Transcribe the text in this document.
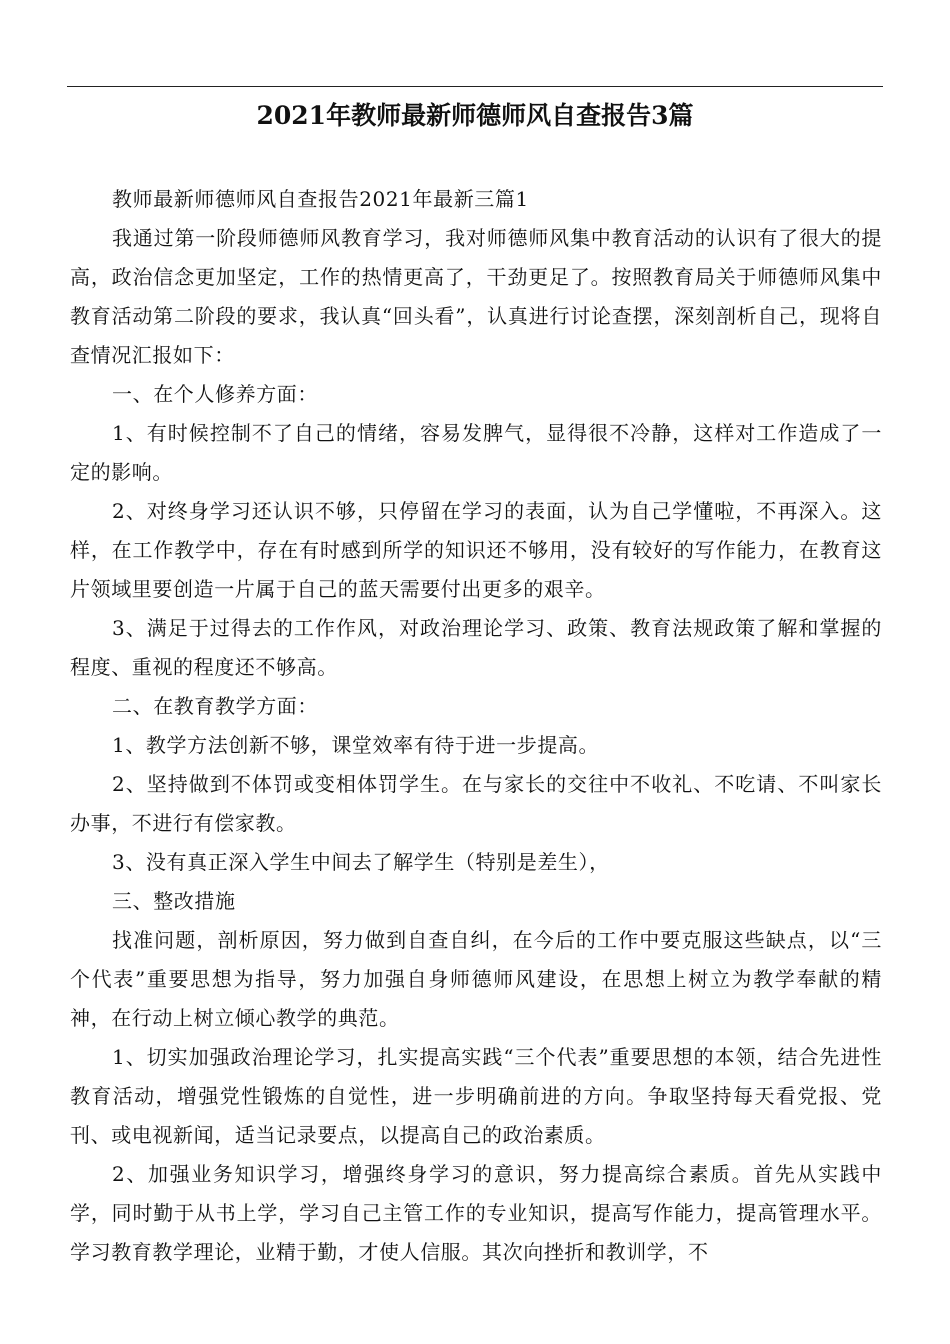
2021年教师最新师德师风自查报告3篇

教师最新师德师风自查报告2021年最新三篇1

我通过第一阶段师德师风教育学习，我对师德师风集中教育活动的认识有了很大的提高，政治信念更加坚定，工作的热情更高了，干劲更足了。按照教育局关于师德师风集中教育活动第二阶段的要求，我认真“回头看”，认真进行讨论查摆，深刻剖析自己，现将自查情况汇报如下：

一、在个人修养方面：

1、有时候控制不了自己的情绪，容易发脾气，显得很不冷静，这样对工作造成了一定的影响。

2、对终身学习还认识不够，只停留在学习的表面，认为自己学懂啦，不再深入。这样，在工作教学中，存在有时感到所学的知识还不够用，没有较好的写作能力，在教育这片领域里要创造一片属于自己的蓝天需要付出更多的艰辛。

3、满足于过得去的工作作风，对政治理论学习、政策、教育法规政策了解和掌握的程度、重视的程度还不够高。

二、在教育教学方面：

1、教学方法创新不够，课堂效率有待于进一步提高。

2、坚持做到不体罚或变相体罚学生。在与家长的交往中不收礼、不吃请、不叫家长办事，不进行有偿家教。

3、没有真正深入学生中间去了解学生（特别是差生），

三、整改措施

找准问题，剖析原因，努力做到自查自纠，在今后的工作中要克服这些缺点，以“三个代表”重要思想为指导，努力加强自身师德师风建设，在思想上树立为教学奉献的精神，在行动上树立倾心教学的典范。

1、切实加强政治理论学习，扎实提高实践“三个代表”重要思想的本领，结合先进性教育活动，增强党性锻炼的自觉性，进一步明确前进的方向。争取坚持每天看党报、党刊、或电视新闻，适当记录要点，以提高自己的政治素质。

2、加强业务知识学习，增强终身学习的意识，努力提高综合素质。首先从实践中学，同时勤于从书上学，学习自己主管工作的专业知识，提高写作能力，提高管理水平。学习教育教学理论，业精于勤，才使人信服。其次向挫折和教训学，不
